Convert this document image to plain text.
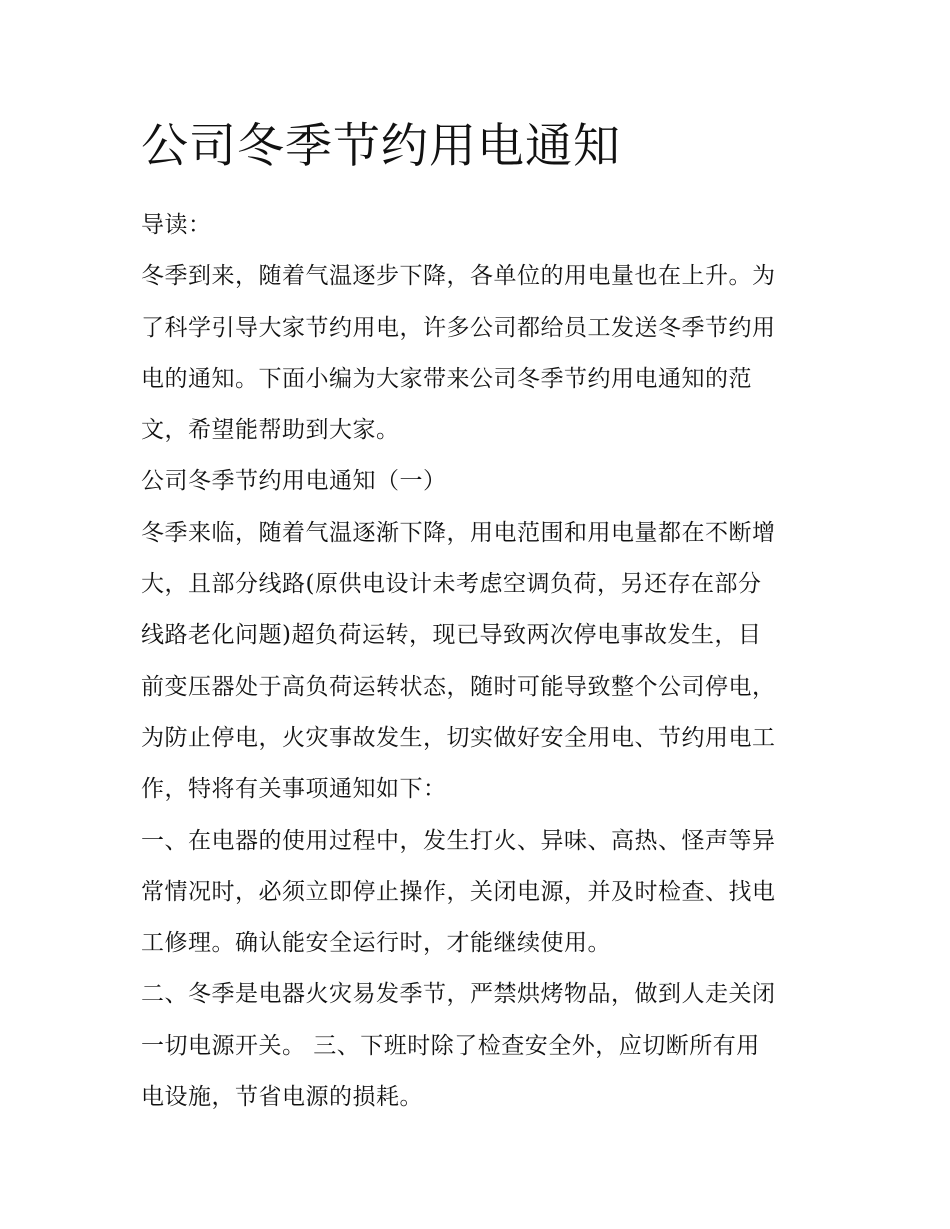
公司冬季节约用电通知
导读：
冬季到来，随着气温逐步下降，各单位的用电量也在上升。为
了科学引导大家节约用电，许多公司都给员工发送冬季节约用
电的通知。下面小编为大家带来公司冬季节约用电通知的范
文，希望能帮助到大家。
公司冬季节约用电通知（一）
冬季来临，随着气温逐渐下降，用电范围和用电量都在不断增
大，且部分线路(原供电设计未考虑空调负荷，另还存在部分
线路老化问题)超负荷运转，现已导致两次停电事故发生，目
前变压器处于高负荷运转状态，随时可能导致整个公司停电，
为防止停电，火灾事故发生，切实做好安全用电、节约用电工
作，特将有关事项通知如下：
一、在电器的使用过程中，发生打火、异味、高热、怪声等异
常情况时，必须立即停止操作，关闭电源，并及时检查、找电
工修理。确认能安全运行时，才能继续使用。
二、冬季是电器火灾易发季节，严禁烘烤物品，做到人走关闭
一切电源开关。 三、下班时除了检查安全外，应切断所有用
电设施，节省电源的损耗。
